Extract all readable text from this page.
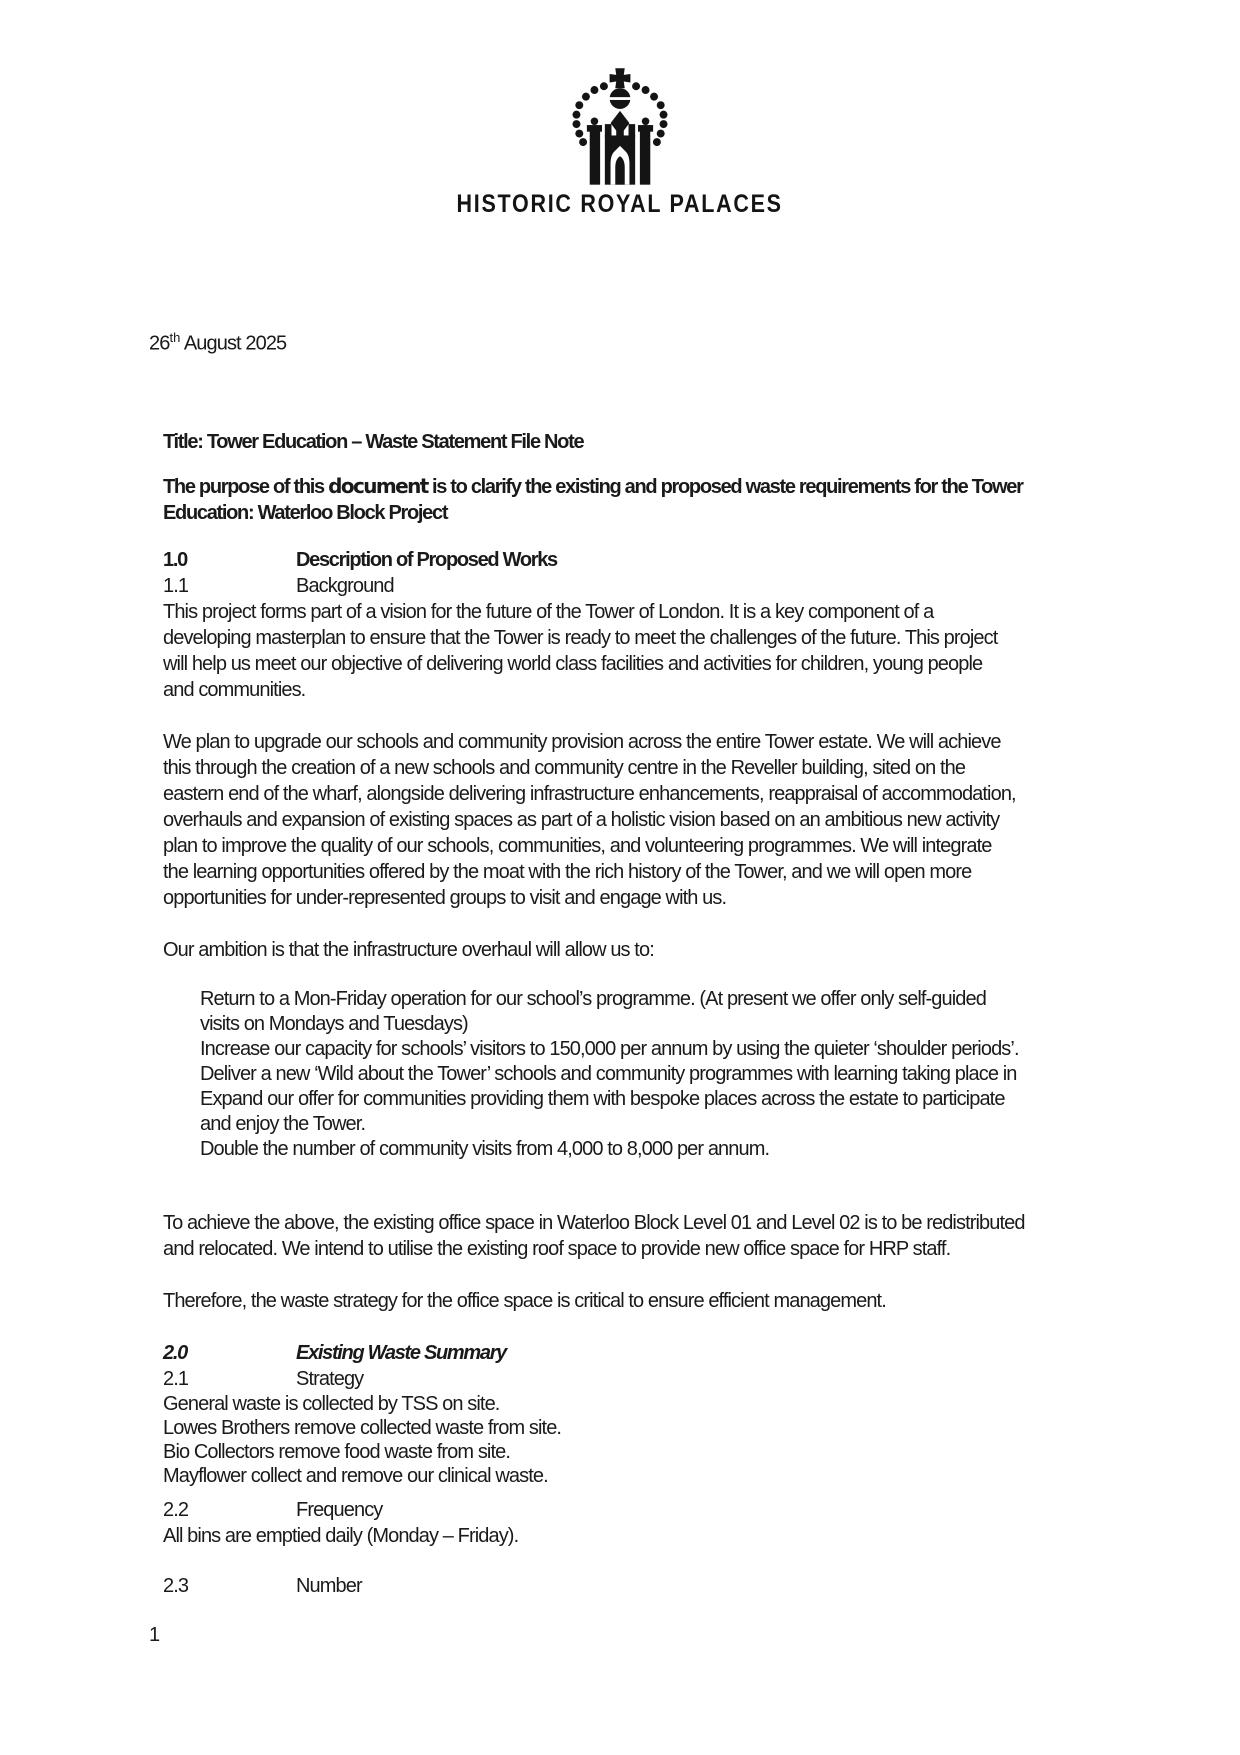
HISTORIC ROYAL PALACES
26th August 2025
Title: Tower Education – Waste Statement File Note
The purpose of this document is to clarify the existing and proposed waste requirements for the Tower
Education: Waterloo Block Project
1.0	Description of Proposed Works
1.1	Background
This project forms part of a vision for the future of the Tower of London. It is a key component of a
developing masterplan to ensure that the Tower is ready to meet the challenges of the future. This project
will help us meet our objective of delivering world class facilities and activities for children, young people
and communities.
We plan to upgrade our schools and community provision across the entire Tower estate. We will achieve
this through the creation of a new schools and community centre in the Reveller building, sited on the
eastern end of the wharf, alongside delivering infrastructure enhancements, reappraisal of accommodation,
overhauls and expansion of existing spaces as part of a holistic vision based on an ambitious new activity
plan to improve the quality of our schools, communities, and volunteering programmes. We will integrate
the learning opportunities offered by the moat with the rich history of the Tower, and we will open more
opportunities for under-represented groups to visit and engage with us.
Our ambition is that the infrastructure overhaul will allow us to:
Return to a Mon-Friday operation for our school’s programme. (At present we offer only self-guided
visits on Mondays and Tuesdays)
Increase our capacity for schools’ visitors to 150,000 per annum by using the quieter ‘shoulder periods’.
Deliver a new ‘Wild about the Tower’ schools and community programmes with learning taking place in
Expand our offer for communities providing them with bespoke places across the estate to participate
and enjoy the Tower.
Double the number of community visits from 4,000 to 8,000 per annum.
To achieve the above, the existing office space in Waterloo Block Level 01 and Level 02 is to be redistributed
and relocated. We intend to utilise the existing roof space to provide new office space for HRP staff.
Therefore, the waste strategy for the office space is critical to ensure efficient management.
2.0	Existing Waste Summary
2.1	Strategy
General waste is collected by TSS on site.
Lowes Brothers remove collected waste from site.
Bio Collectors remove food waste from site.
Mayflower collect and remove our clinical waste.
2.2	Frequency
All bins are emptied daily (Monday – Friday).
2.3	Number
1
